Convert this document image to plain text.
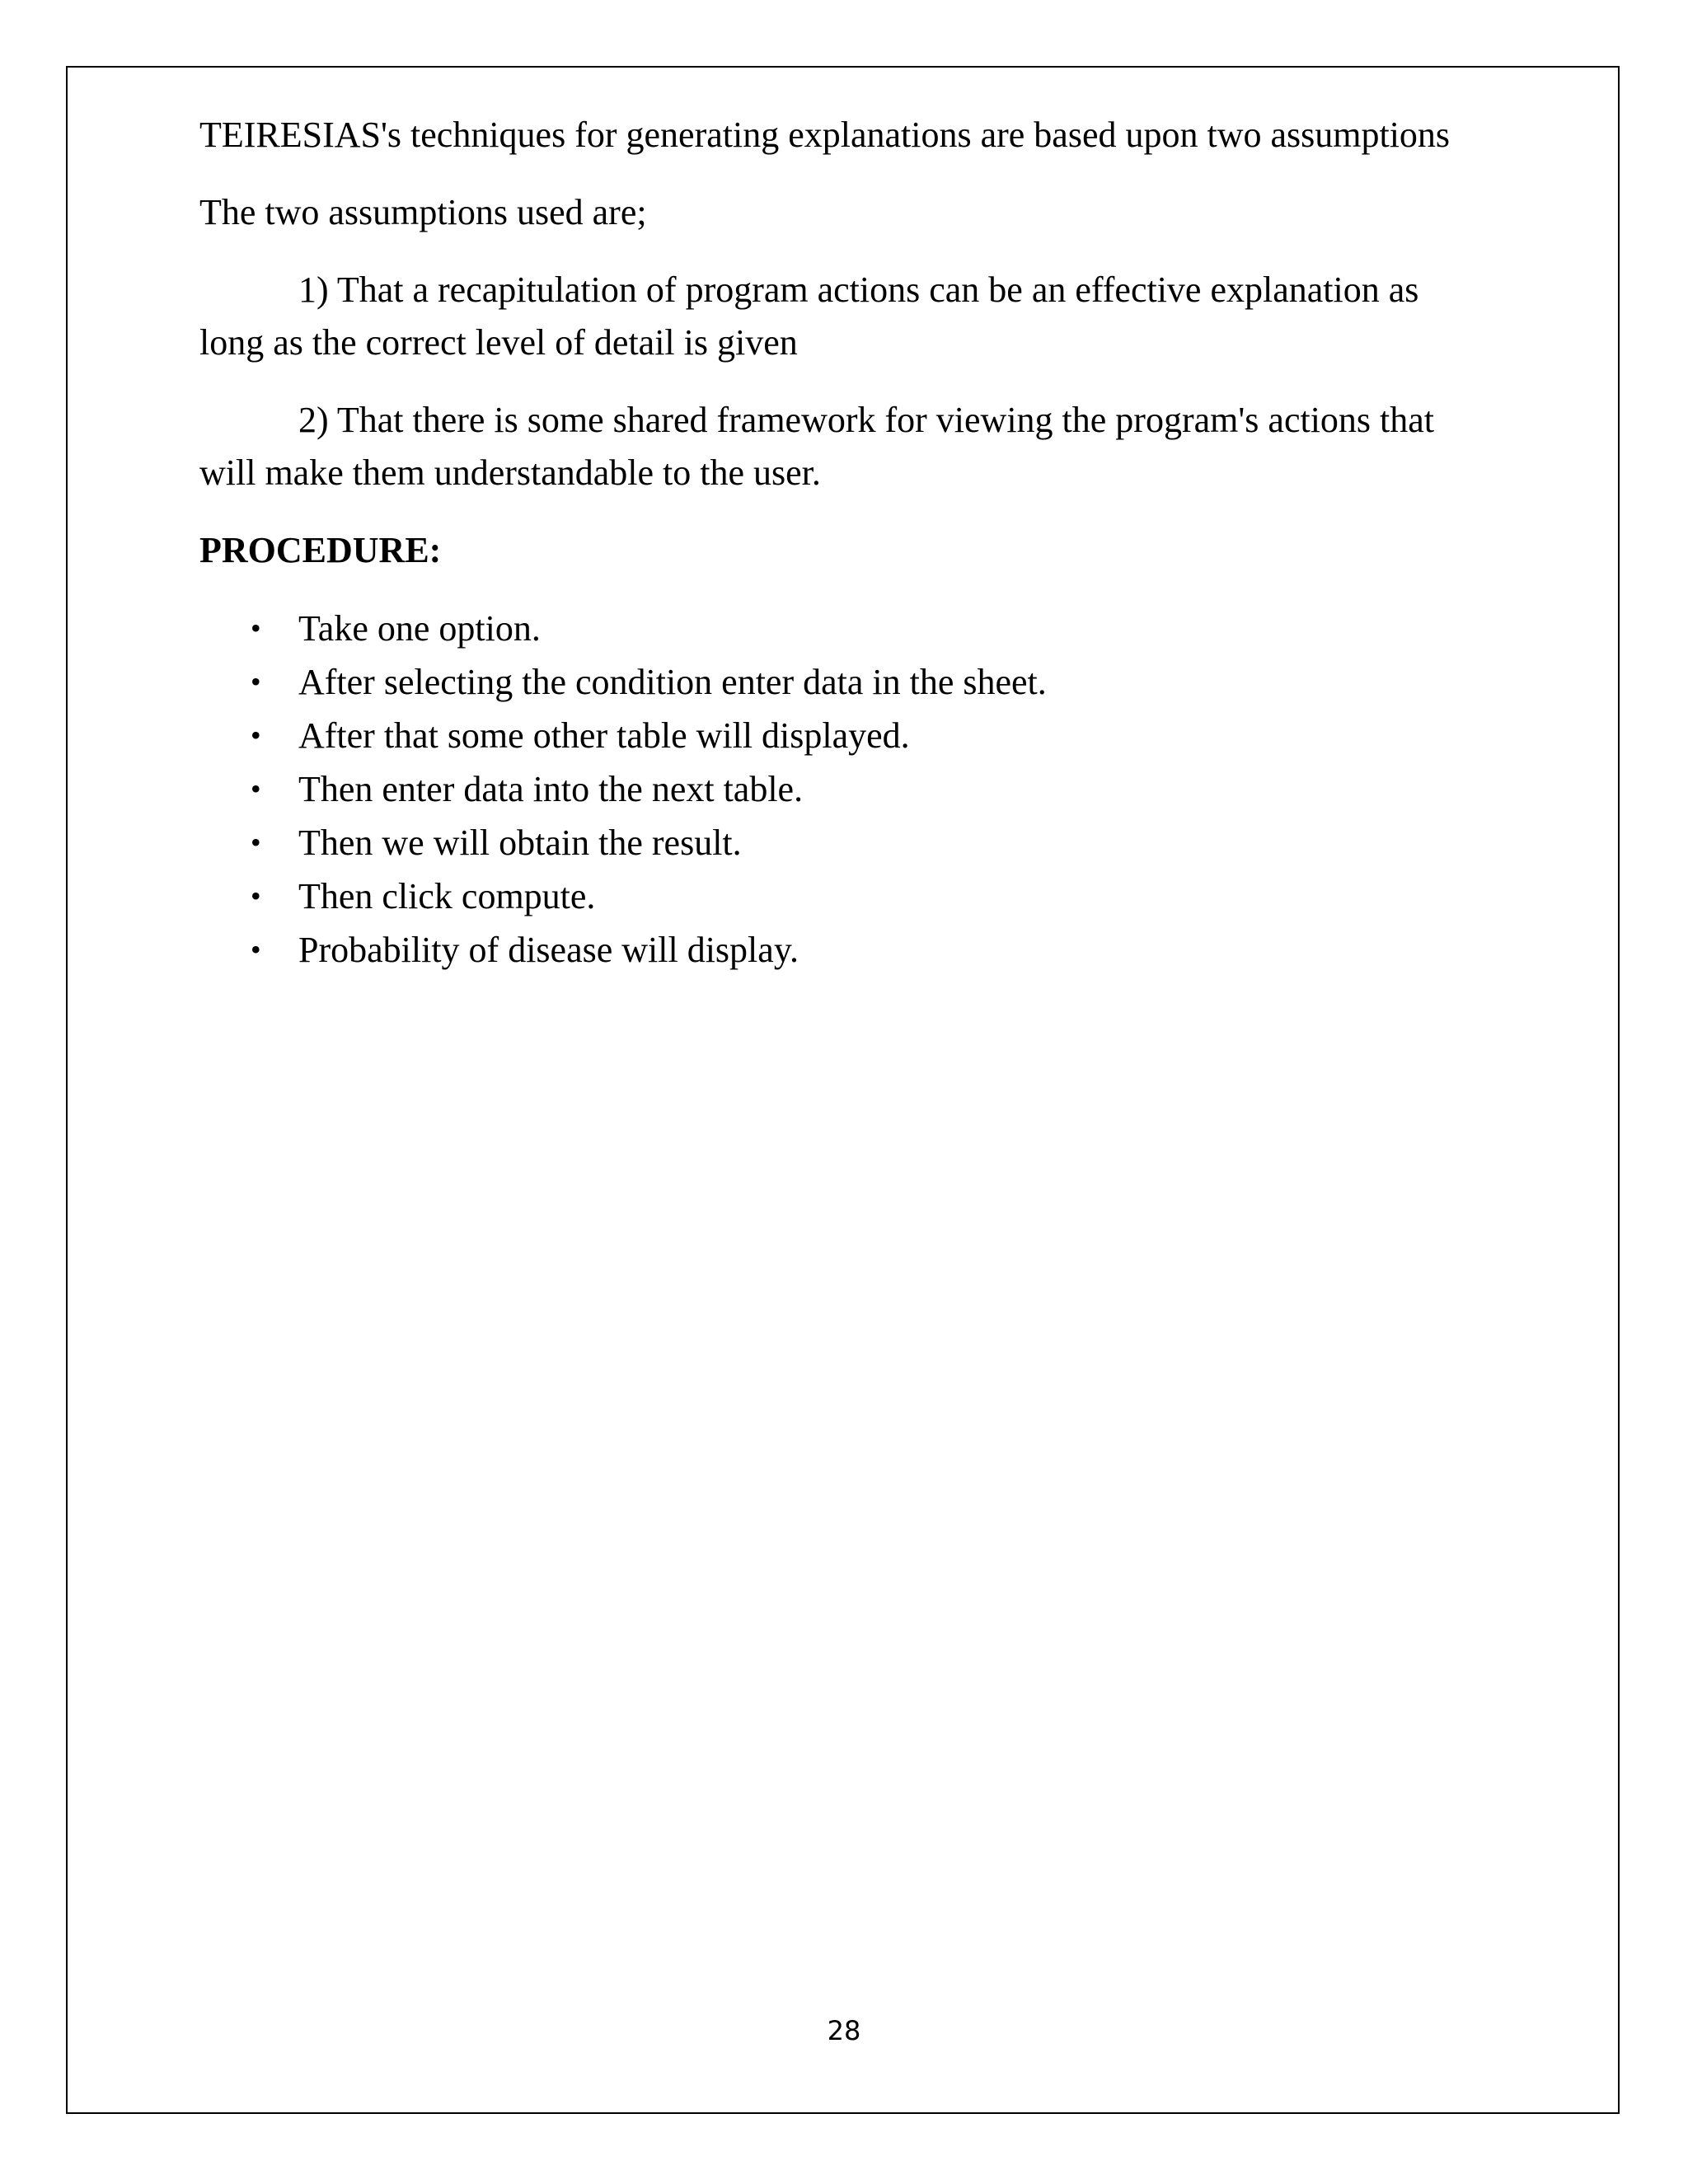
TEIRESIAS's techniques for generating explanations are based upon two assumptions

The two assumptions used are;

1) That a recapitulation of program actions can be an effective explanation as long as the correct level of detail is given

2) That there is some shared framework for viewing the program's actions that will make them understandable to the user.

PROCEDURE:

• Take one option.
• After selecting the condition enter data in the sheet.
• After that some other table will displayed.
• Then enter data into the next table.
• Then we will obtain the result.
• Then click compute.
• Probability of disease will display.
28
